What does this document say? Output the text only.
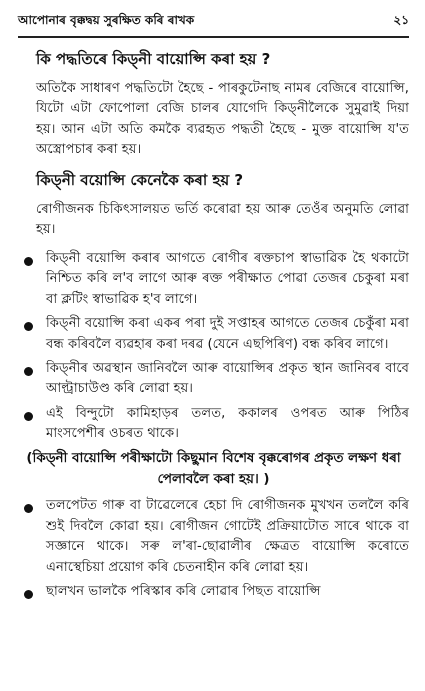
আপোনাৰ বৃক্কদ্বয় সুৰক্ষিত কৰি ৰাখক	২১
কি পদ্ধতিৰে কিড্‌নী বায়োপ্সি কৰা হয় ?

অতিকৈ সাধাৰণ পদ্ধতিটো হৈছে - পাৰকুটেনাছ নামৰ বেজিৰে বায়োপ্সি, যিটো এটা ফোপোলা বেজি চালৰ যোগেদি কিড্‌নীলৈকে সুমুৱাই দিয়া হয়। আন এটা অতি কমকৈ ব্যৱহৃত পদ্ধতী হৈছে - মুক্ত বায়োপ্সি য'ত অস্ত্ৰোপচাৰ কৰা হয়।

কিড্‌নী বয়োপ্সি কেনেকৈ কৰা হয় ?

ৰোগীজনক চিকিৎসালয়ত ভৰ্তি কৰোৱা হয় আৰু তেওঁৰ অনুমতি লোৱা হয়।

কিড্‌নী বয়োপ্সি কৰাৰ আগতে ৰোগীৰ ৰক্তচাপ স্বাভাৱিক হৈ থকাটো নিশ্চিত কৰি ল'ব লাগে আৰু ৰক্ত পৰীক্ষাত পোৱা তেজৰ চেকুৰা মৰা বা ক্লটিং স্বাভাৱিক হ'ব লাগে।
কিড্‌নী বয়োপ্সি কৰা একৰ পৰা দুই সপ্তাহৰ আগতে তেজৰ চেকুঁৰা মৰা বন্ধ কৰিবলৈ ব্যৱহাৰ কৰা দৰৱ (যেনে এছপিৰিণ) বন্ধ কৰিব লাগে।
কিড্‌নীৰ অৱস্থান জানিবলৈ আৰু বায়োপ্সিৰ প্ৰকৃত স্থান জানিবৰ বাবে আল্ট্ৰাচাউণ্ড কৰি লোৱা হয়।
এই বিন্দুটো কামিহাড়ৰ তলত, ককালৰ ওপৰত আৰু পিঠিৰ মাংসপেশীৰ ওচৰত থাকে।
(কিড্‌নী বায়োপ্সি পৰীক্ষাটো কিছুমান বিশেষ বৃক্কৰোগৰ প্ৰকৃত লক্ষণ ধৰা পেলাবলৈ কৰা হয়। )
তলপেটত গাৰু বা টাৱেলেৰে হেচা দি ৰোগীজনক মুখখন তললৈ কৰি শুই দিবলৈ কোৱা হয়। ৰোগীজন গোটেই প্ৰক্ৰিয়াটোত সাৰে থাকে বা সজ্ঞানে থাকে। সৰু ল'ৰা-ছোৱালীৰ ক্ষেত্ৰত বায়োপ্সি কৰোতে এনাস্থেচিয়া প্ৰয়োগ কৰি চেতনাহীন কৰি লোৱা হয়।
ছালখন ভালকৈ পৰিস্কাৰ কৰি লোৱাৰ পিছত বায়োপ্সি
